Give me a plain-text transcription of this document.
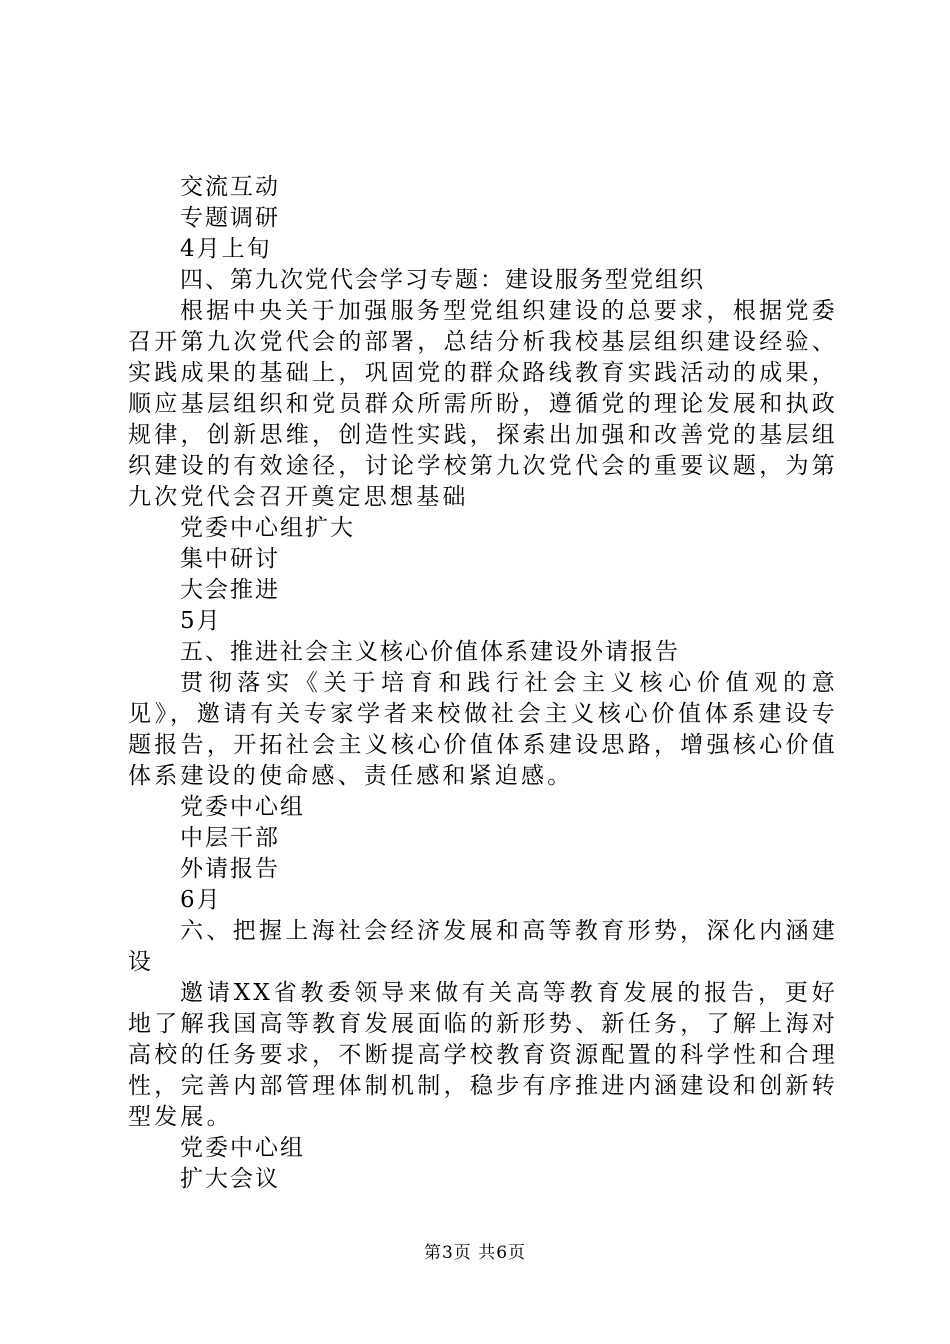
交流互动
专题调研
4月上旬
四、第九次党代会学习专题：建设服务型党组织

根据中央关于加强服务型党组织建设的总要求，根据党委召开第九次党代会的部署，总结分析我校基层组织建设经验、实践成果的基础上，巩固党的群众路线教育实践活动的成果，顺应基层组织和党员群众所需所盼，遵循党的理论发展和执政规律，创新思维，创造性实践，探索出加强和改善党的基层组织建设的有效途径，讨论学校第九次党代会的重要议题，为第九次党代会召开奠定思想基础

党委中心组扩大
集中研讨
大会推进
5月
五、推进社会主义核心价值体系建设外请报告

贯彻落实《关于培育和践行社会主义核心价值观的意见》，邀请有关专家学者来校做社会主义核心价值体系建设专题报告，开拓社会主义核心价值体系建设思路，增强核心价值体系建设的使命感、责任感和紧迫感。

党委中心组
中层干部
外请报告
6月

六、把握上海社会经济发展和高等教育形势，深化内涵建设

邀请XX省教委领导来做有关高等教育发展的报告，更好地了解我国高等教育发展面临的新形势、新任务，了解上海对高校的任务要求，不断提高学校教育资源配置的科学性和合理性，完善内部管理体制机制，稳步有序推进内涵建设和创新转型发展。

党委中心组
扩大会议
第3页 共6页
